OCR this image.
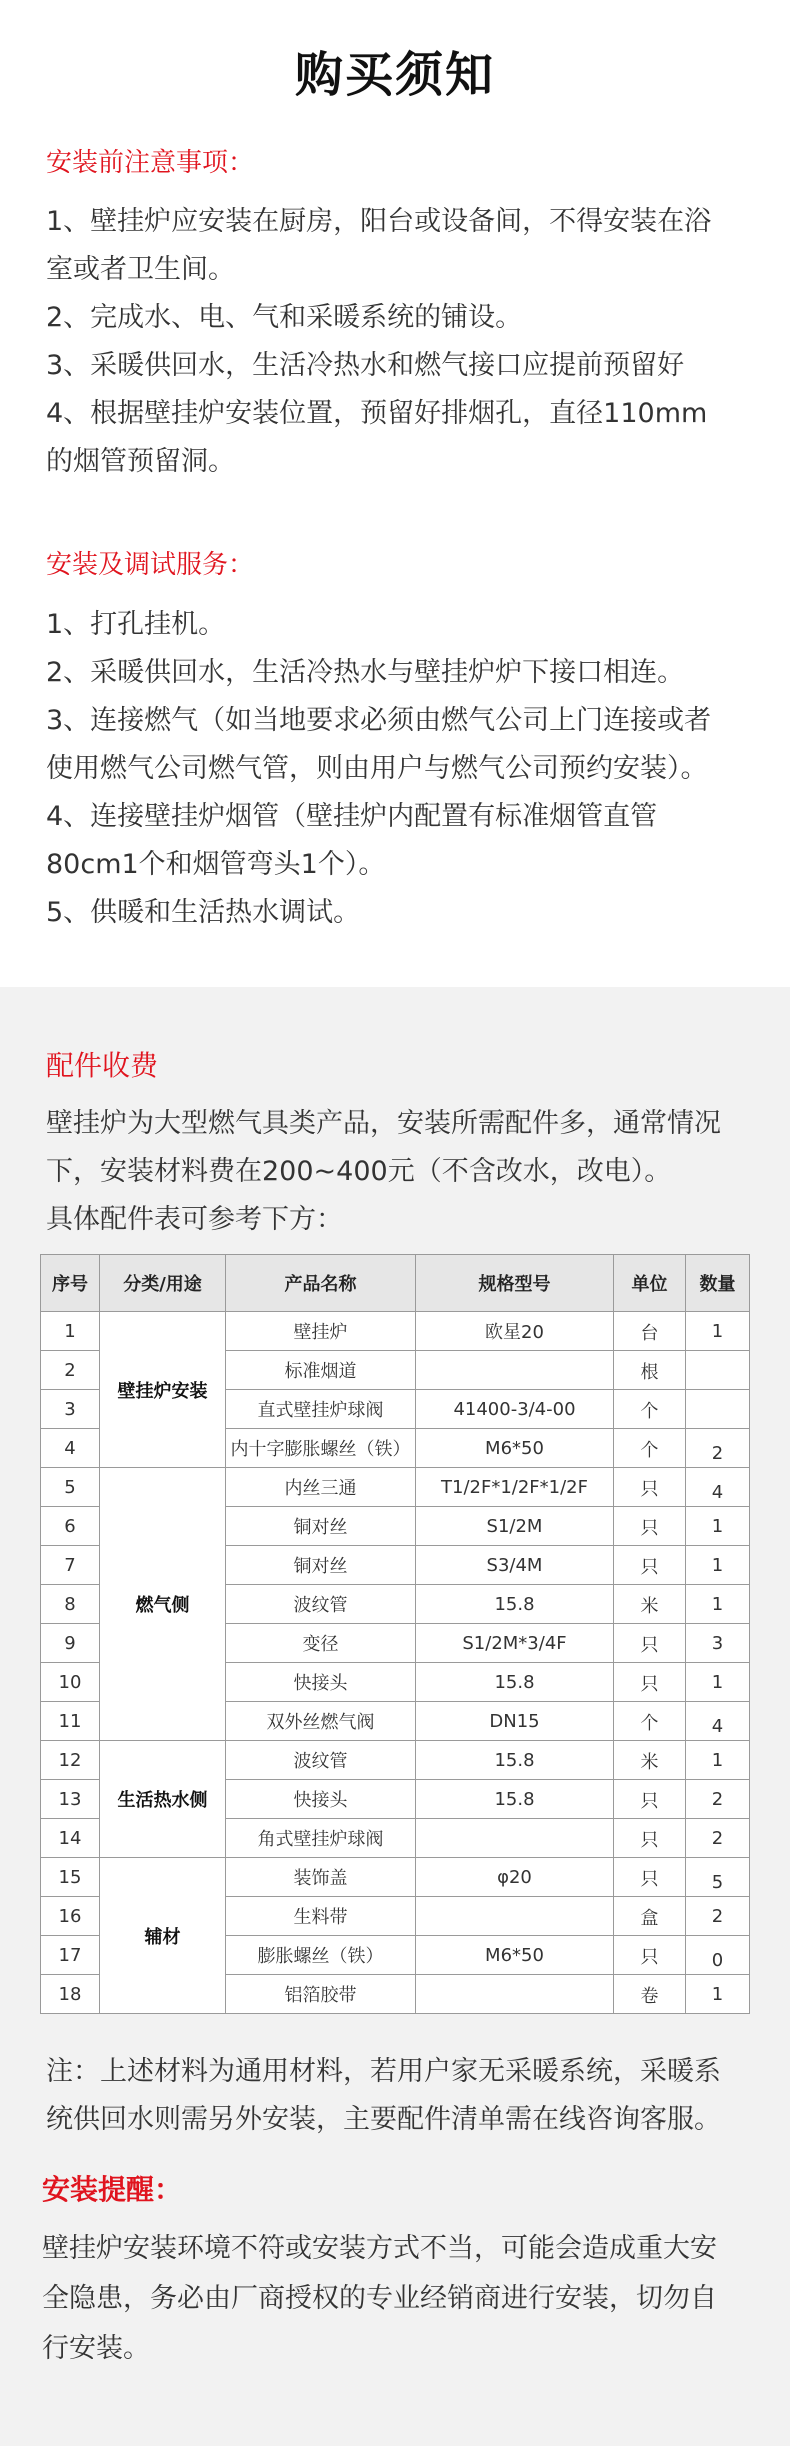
购买须知
安装前注意事项：
1、壁挂炉应安装在厨房，阳台或设备间，不得安装在浴
室或者卫生间。
2、完成水、电、气和采暖系统的铺设。
3、采暖供回水，生活冷热水和燃气接口应提前预留好
4、根据壁挂炉安装位置，预留好排烟孔，直径110mm
的烟管预留洞。
安装及调试服务：
1、打孔挂机。
2、采暖供回水，生活冷热水与壁挂炉炉下接口相连。
3、连接燃气（如当地要求必须由燃气公司上门连接或者
使用燃气公司燃气管，则由用户与燃气公司预约安装）。
4、连接壁挂炉烟管（壁挂炉内配置有标准烟管直管
80cm1个和烟管弯头1个）。
5、供暖和生活热水调试。
配件收费
壁挂炉为大型燃气具类产品，安装所需配件多，通常情况
下，安装材料费在200~400元（不含改水，改电）。
具体配件表可参考下方：
序号	分类/用途	产品名称	规格型号	单位	数量
1	壁挂炉安装	壁挂炉	欧星20	台	1
2		标准烟道		根	
3		直式壁挂炉球阀	41400-3/4-00	个	
4		内十字膨胀螺丝（铁）	M6*50	个	2
5	燃气侧	内丝三通	T1/2F*1/2F*1/2F	只	4
6		铜对丝	S1/2M	只	1
7		铜对丝	S3/4M	只	1
8		波纹管	15.8	米	1
9		变径	S1/2M*3/4F	只	3
10		快接头	15.8	只	1
11		双外丝燃气阀	DN15	个	4
12	生活热水侧	波纹管	15.8	米	1
13		快接头	15.8	只	2
14		角式壁挂炉球阀		只	2
15	辅材	装饰盖	φ20	只	5
16		生料带		盒	2
17		膨胀螺丝（铁）	M6*50	只	0
18		铝箔胶带		卷	1
注：上述材料为通用材料，若用户家无采暖系统，采暖系
统供回水则需另外安装，主要配件清单需在线咨询客服。
安装提醒：
壁挂炉安装环境不符或安装方式不当，可能会造成重大安
全隐患，务必由厂商授权的专业经销商进行安装，切勿自
行安装。
